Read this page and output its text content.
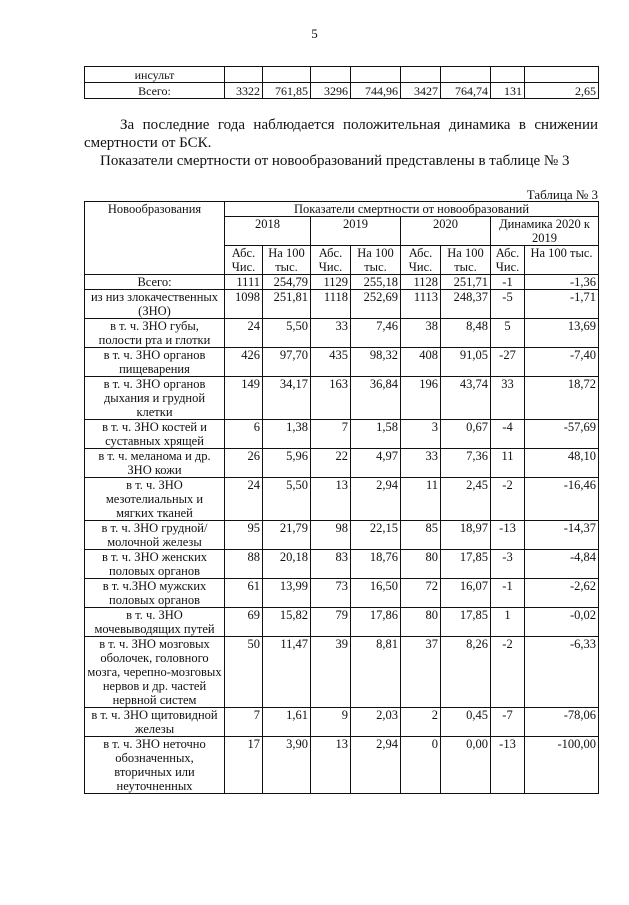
5
инсульт								
Всего:	3322	761,85	3296	744,96	3427	764,74	131	2,65
За последние года наблюдается положительная динамика в снижении смертности от БСК.
Показатели смертности от новообразований представлены в таблице № 3
Таблица № 3
Новообразования	Показатели смертности от новообразований							
	2018		2019		2020		Динамика 2020 к 2019	
	Абс. Чис.	На 100 тыс.	Абс. Чис.	На 100 тыс.	Абс. Чис.	На 100 тыс.	Абс. Чис.	На 100 тыс.
Всего:	1111	254,79	1129	255,18	1128	251,71	-1	-1,36
из низ злокачественных (ЗНО)	1098	251,81	1118	252,69	1113	248,37	-5	-1,71
в т. ч. ЗНО губы, полости рта и глотки	24	5,50	33	7,46	38	8,48	5	13,69
в т. ч. ЗНО органов пищеварения	426	97,70	435	98,32	408	91,05	-27	-7,40
в т. ч. ЗНО органов дыхания и грудной клетки	149	34,17	163	36,84	196	43,74	33	18,72
в т. ч. ЗНО костей и суставных хрящей	6	1,38	7	1,58	3	0,67	-4	-57,69
в т. ч. меланома и др. ЗНО кожи	26	5,96	22	4,97	33	7,36	11	48,10
в т. ч. ЗНО мезотелиальных и мягких тканей	24	5,50	13	2,94	11	2,45	-2	-16,46
в т. ч. ЗНО грудной/молочной железы	95	21,79	98	22,15	85	18,97	-13	-14,37
в т. ч. ЗНО женских половых органов	88	20,18	83	18,76	80	17,85	-3	-4,84
в т. ч.ЗНО мужских половых органов	61	13,99	73	16,50	72	16,07	-1	-2,62
в т. ч. ЗНО мочевыводящих путей	69	15,82	79	17,86	80	17,85	1	-0,02
в т. ч. ЗНО мозговых оболочек, головного мозга, черепно-мозговых нервов и др. частей нервной систем	50	11,47	39	8,81	37	8,26	-2	-6,33
в т. ч. ЗНО щитовидной железы	7	1,61	9	2,03	2	0,45	-7	-78,06
в т. ч. ЗНО неточно обозначенных, вторичных или неуточненных	17	3,90	13	2,94	0	0,00	-13	-100,00
